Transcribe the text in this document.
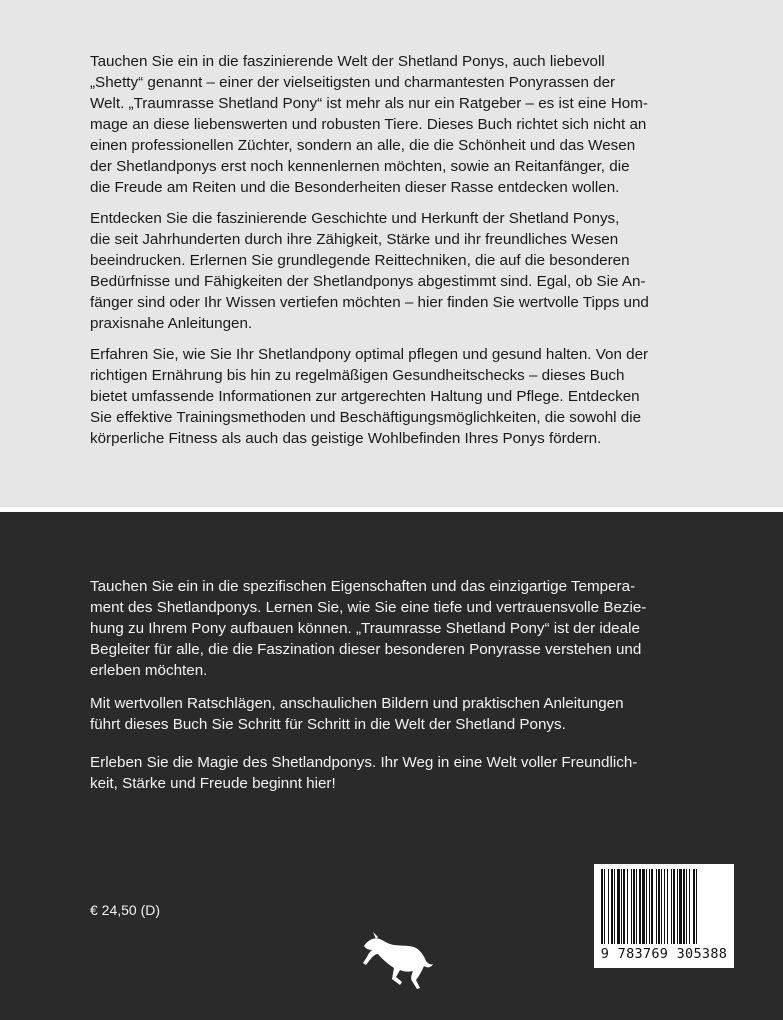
Tauchen Sie ein in die faszinierende Welt der Shetland Ponys, auch liebevoll
„Shetty“ genannt – einer der vielseitigsten und charmantesten Ponyrassen der
Welt. „Traumrasse Shetland Pony“ ist mehr als nur ein Ratgeber – es ist eine Hom-
mage an diese liebenswerten und robusten Tiere. Dieses Buch richtet sich nicht an
einen professionellen Züchter, sondern an alle, die die Schönheit und das Wesen
der Shetlandponys erst noch kennenlernen möchten, sowie an Reitanfänger, die
die Freude am Reiten und die Besonderheiten dieser Rasse entdecken wollen.

Entdecken Sie die faszinierende Geschichte und Herkunft der Shetland Ponys,
die seit Jahrhunderten durch ihre Zähigkeit, Stärke und ihr freundliches Wesen
beeindrucken. Erlernen Sie grundlegende Reittechniken, die auf die besonderen
Bedürfnisse und Fähigkeiten der Shetlandponys abgestimmt sind. Egal, ob Sie An-
fänger sind oder Ihr Wissen vertiefen möchten – hier finden Sie wertvolle Tipps und
praxisnahe Anleitungen.

Erfahren Sie, wie Sie Ihr Shetlandpony optimal pflegen und gesund halten. Von der
richtigen Ernährung bis hin zu regelmäßigen Gesundheitschecks – dieses Buch
bietet umfassende Informationen zur artgerechten Haltung und Pflege. Entdecken
Sie effektive Trainingsmethoden und Beschäftigungsmöglichkeiten, die sowohl die
körperliche Fitness als auch das geistige Wohlbefinden Ihres Ponys fördern.

Tauchen Sie ein in die spezifischen Eigenschaften und das einzigartige Tempera-
ment des Shetlandponys. Lernen Sie, wie Sie eine tiefe und vertrauensvolle Bezie-
hung zu Ihrem Pony aufbauen können. „Traumrasse Shetland Pony“ ist der ideale
Begleiter für alle, die die Faszination dieser besonderen Ponyrasse verstehen und
erleben möchten.

Mit wertvollen Ratschlägen, anschaulichen Bildern und praktischen Anleitungen
führt dieses Buch Sie Schritt für Schritt in die Welt der Shetland Ponys.

Erleben Sie die Magie des Shetlandponys. Ihr Weg in eine Welt voller Freundlich-
keit, Stärke und Freude beginnt hier!

€ 24,50 (D)
9 783769 305388
